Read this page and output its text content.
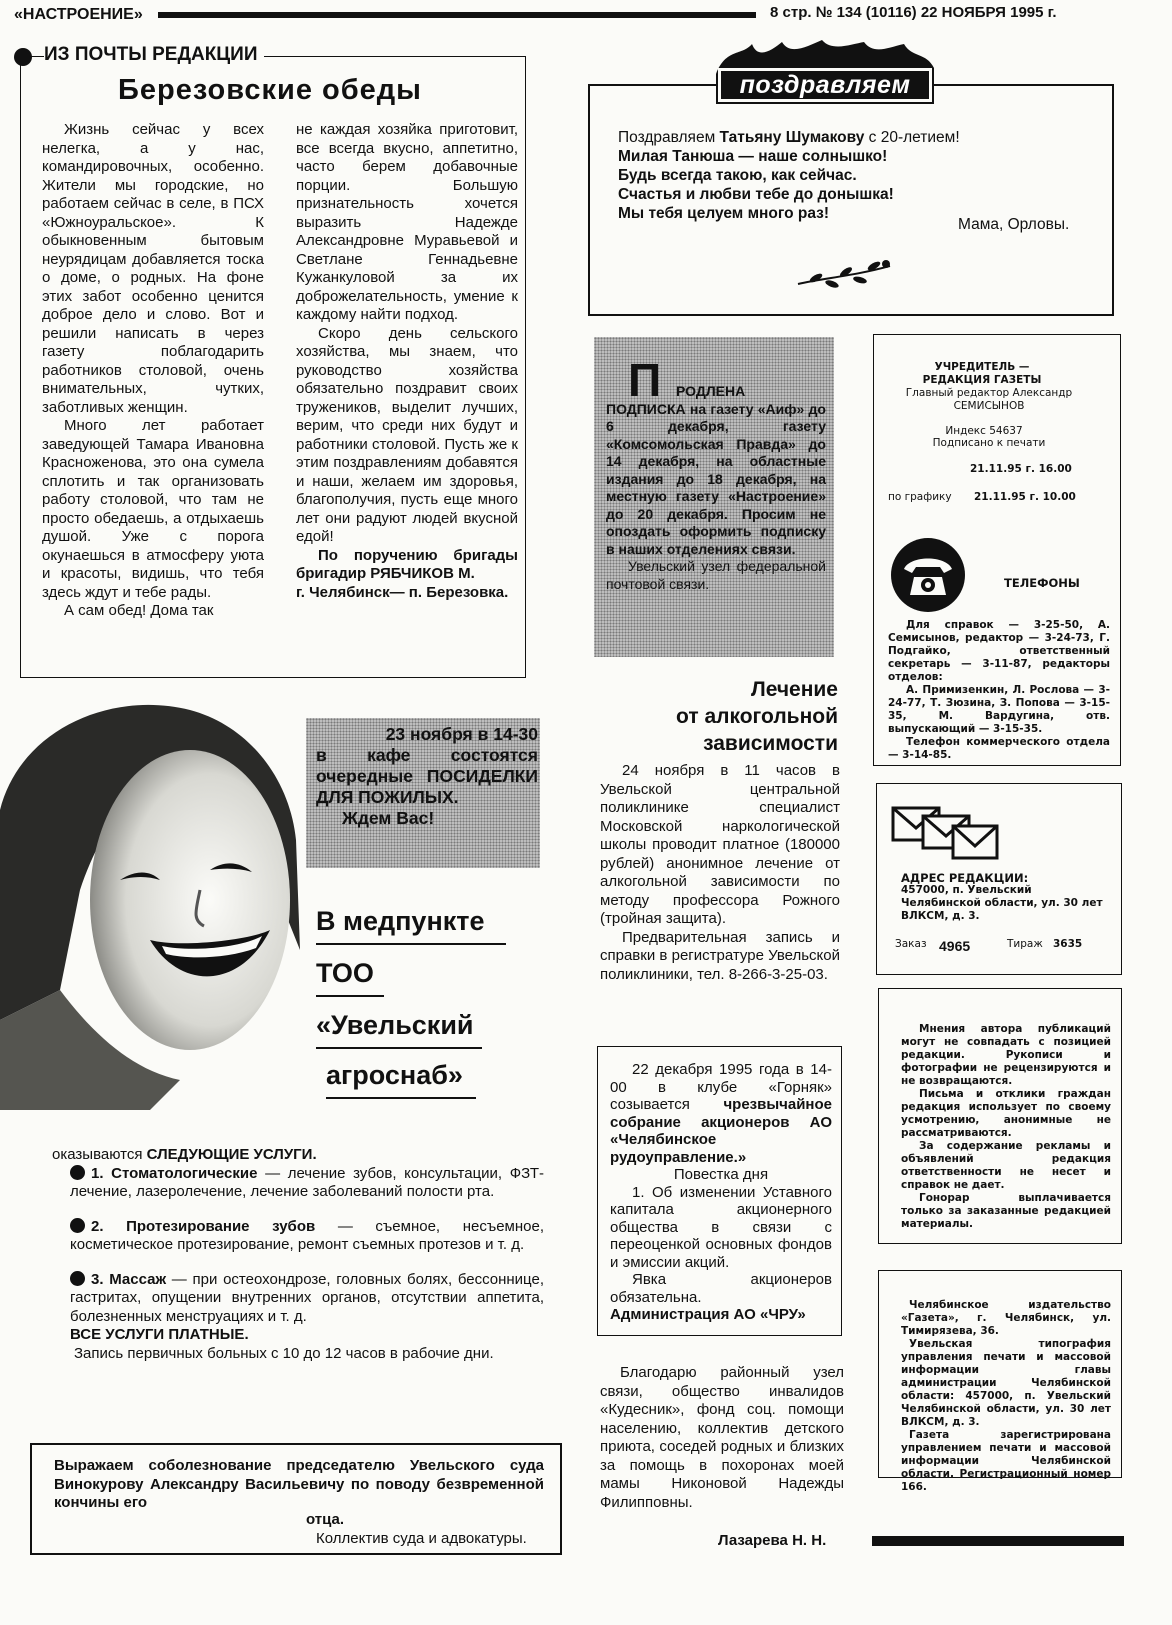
«НАСТРОЕНИЕ»	8 стр. № 134 (10116) 22 НОЯБРЯ 1995 г.
ИЗ ПОЧТЫ РЕДАКЦИИ
Березовские обеды

Жизнь сейчас у всех нелегка, а у нас, командировочных, особенно. Жители мы городские, но работаем сейчас в селе, в ПСХ «Южноуральское». К обыкновенным бытовым неурядицам добавляется тоска о доме, о родных. На фоне этих забот особенно ценится доброе дело и слово. Вот и решили написать в через газету поблагодарить работников столовой, очень внимательных, чутких, заботливых женщин.

Много лет работает заведующей Тамара Ивановна Красноженова, это она сумела сплотить и так организовать работу столовой, что там не просто обедаешь, а отдыхаешь душой. Уже с порога окунаешься в атмосферу уюта и красоты, видишь, что тебя здесь ждут и тебе рады.

А сам обед! Дома так

не каждая хозяйка приготовит, все всегда вкусно, аппетитно, часто берем добавочные порции. Большую признательность хочется выразить Надежде Александровне Муравьевой и Светлане Геннадьевне Кужанкуловой за их доброжелательность, умение к каждому найти подход.

Скоро день сельского хозяйства, мы знаем, что руководство хозяйства обязательно поздравит своих тружеников, выделит лучших, верим, что среди них будут и работники столовой. Пусть же к этим поздравлениям добавятся и наши, желаем им здоровья, благополучия, пусть еще много лет они радуют людей вкусной едой!

По поручению бригады бригадир РЯБЧИКОВ М.

г. Челябинск— п. Березовка.

поздравляем

Поздравляем Татьяну Шумакову с 20-летием!

Милая Танюша — наше солнышко!

Будь всегда такою, как сейчас.

Счастья и любви тебе до донышка!

Мы тебя целуем много раз!

Мама, Орловы.
П	РОДЛЕНА ПОДПИСКА на газету «Аиф» до 6 декабря, газету «Комсомольская Правда» до 14 декабря, на областные издания до 18 декабря, на местную газету «Настроение» до 20 декабря. Просим не опоздать оформить подписку в наших отделениях связи.

Увельский узел федеральной почтовой связи.

УЧРЕДИТЕЛЬ — РЕДАКЦИЯ ГАЗЕТЫ
Главный редактор Александр СЕМИСЫНОВ
Индекс 54637
Подписано к печати
21.11.95 г. 16.00
по графику 21.11.95 г. 10.00
ТЕЛЕФОНЫ

Для справок — 3-25-50, А. Семисынов, редактор — 3-24-73, Г. Подгайко, ответственный секретарь — 3-11-87, редакторы отделов:

А. Примизенкин, Л. Рослова — 3-24-77, Т. Зюзина, З. Попова — 3-15-35, М. Вардугина, отв. выпускающий — 3-15-35.

Телефон коммерческого отдела — 3-14-85.

АДРЕС РЕДАКЦИИ:
457000, п. Увельский Челябинской области, ул. 30 лет ВЛКСМ, д. 3.
Заказ 4965	Тираж 3635

Мнения автора публикаций могут не совпадать с позицией редакции. Рукописи и фотографии не рецензируются и не возвращаются.

Письма и отклики граждан редакция использует по своему усмотрению, анонимные не рассматриваются.

За содержание рекламы и объявлений редакция ответственности не несет и справок не дает.

Гонорар выплачивается только за заказанные редакцией материалы.

Челябинское издательство «Газета», г. Челябинск, ул. Тимирязева, 36.

Увельская типография управления печати и массовой информации главы администрации Челябинской области: 457000, п. Увельский Челябинской области, ул. 30 лет ВЛКСМ, д. 3.

Газета зарегистрирована управлением печати и массовой информации Челябинской области. Регистрационный номер 166.

23 ноября в 14-30

в кафе состоятся очередные ПОСИДЕЛКИ ДЛЯ ПОЖИЛЫХ.

Ждем Вас!

В медпункте
ТОО
«Увельский
агроснаб»

оказываются СЛЕДУЮЩИЕ УСЛУГИ.

1. Стоматологические — лечение зубов, консультации, ФЗТ-лечение, лазеролечение, лечение заболеваний полости рта.

2. Протезирование зубов — съемное, несъемное, косметическое протезирование, ремонт съемных протезов и т. д.

3. Массаж — при остеохондрозе, головных болях, бессоннице, гастритах, опущении внутренних органов, отсутствии аппетита, болезненных менструациях и т. д.

ВСЕ УСЛУГИ ПЛАТНЫЕ.

Запись первичных больных с 10 до 12 часов в рабочие дни.

Лечение

от алкогольной

зависимости

24 ноября в 11 часов в Увельской центральной поликлинике специалист Московской наркологической школы проводит платное (180000 рублей) анонимное лечение от алкогольной зависимости по методу профессора Рожного (тройная защита).

Предварительная запись и справки в регистратуре Увельской поликлиники, тел. 8-266-3-25-03.

22 декабря 1995 года в 14-00 в клубе «Горняк» созывается чрезвычайное собрание акционеров АО «Челябинское рудоуправление.»

Повестка дня

1. Об изменении Уставного капитала акционерного общества в связи с переоценкой основных фондов и эмиссии акций.

Явка акционеров обязательна.

Администрация АО «ЧРУ»

Благодарю районный узел связи, общество инвалидов «Кудесник», фонд соц. помощи населению, коллектив детского приюта, соседей родных и близких за помощь в похоронах моей мамы Никоновой Надежды Филипповны.
Лазарева Н. Н.
Выражаем соболезнование председателю Увельского суда Винокурову Александру Васильевичу по поводу безвременной кончины его
отца.
Коллектив суда и адвокатуры.
